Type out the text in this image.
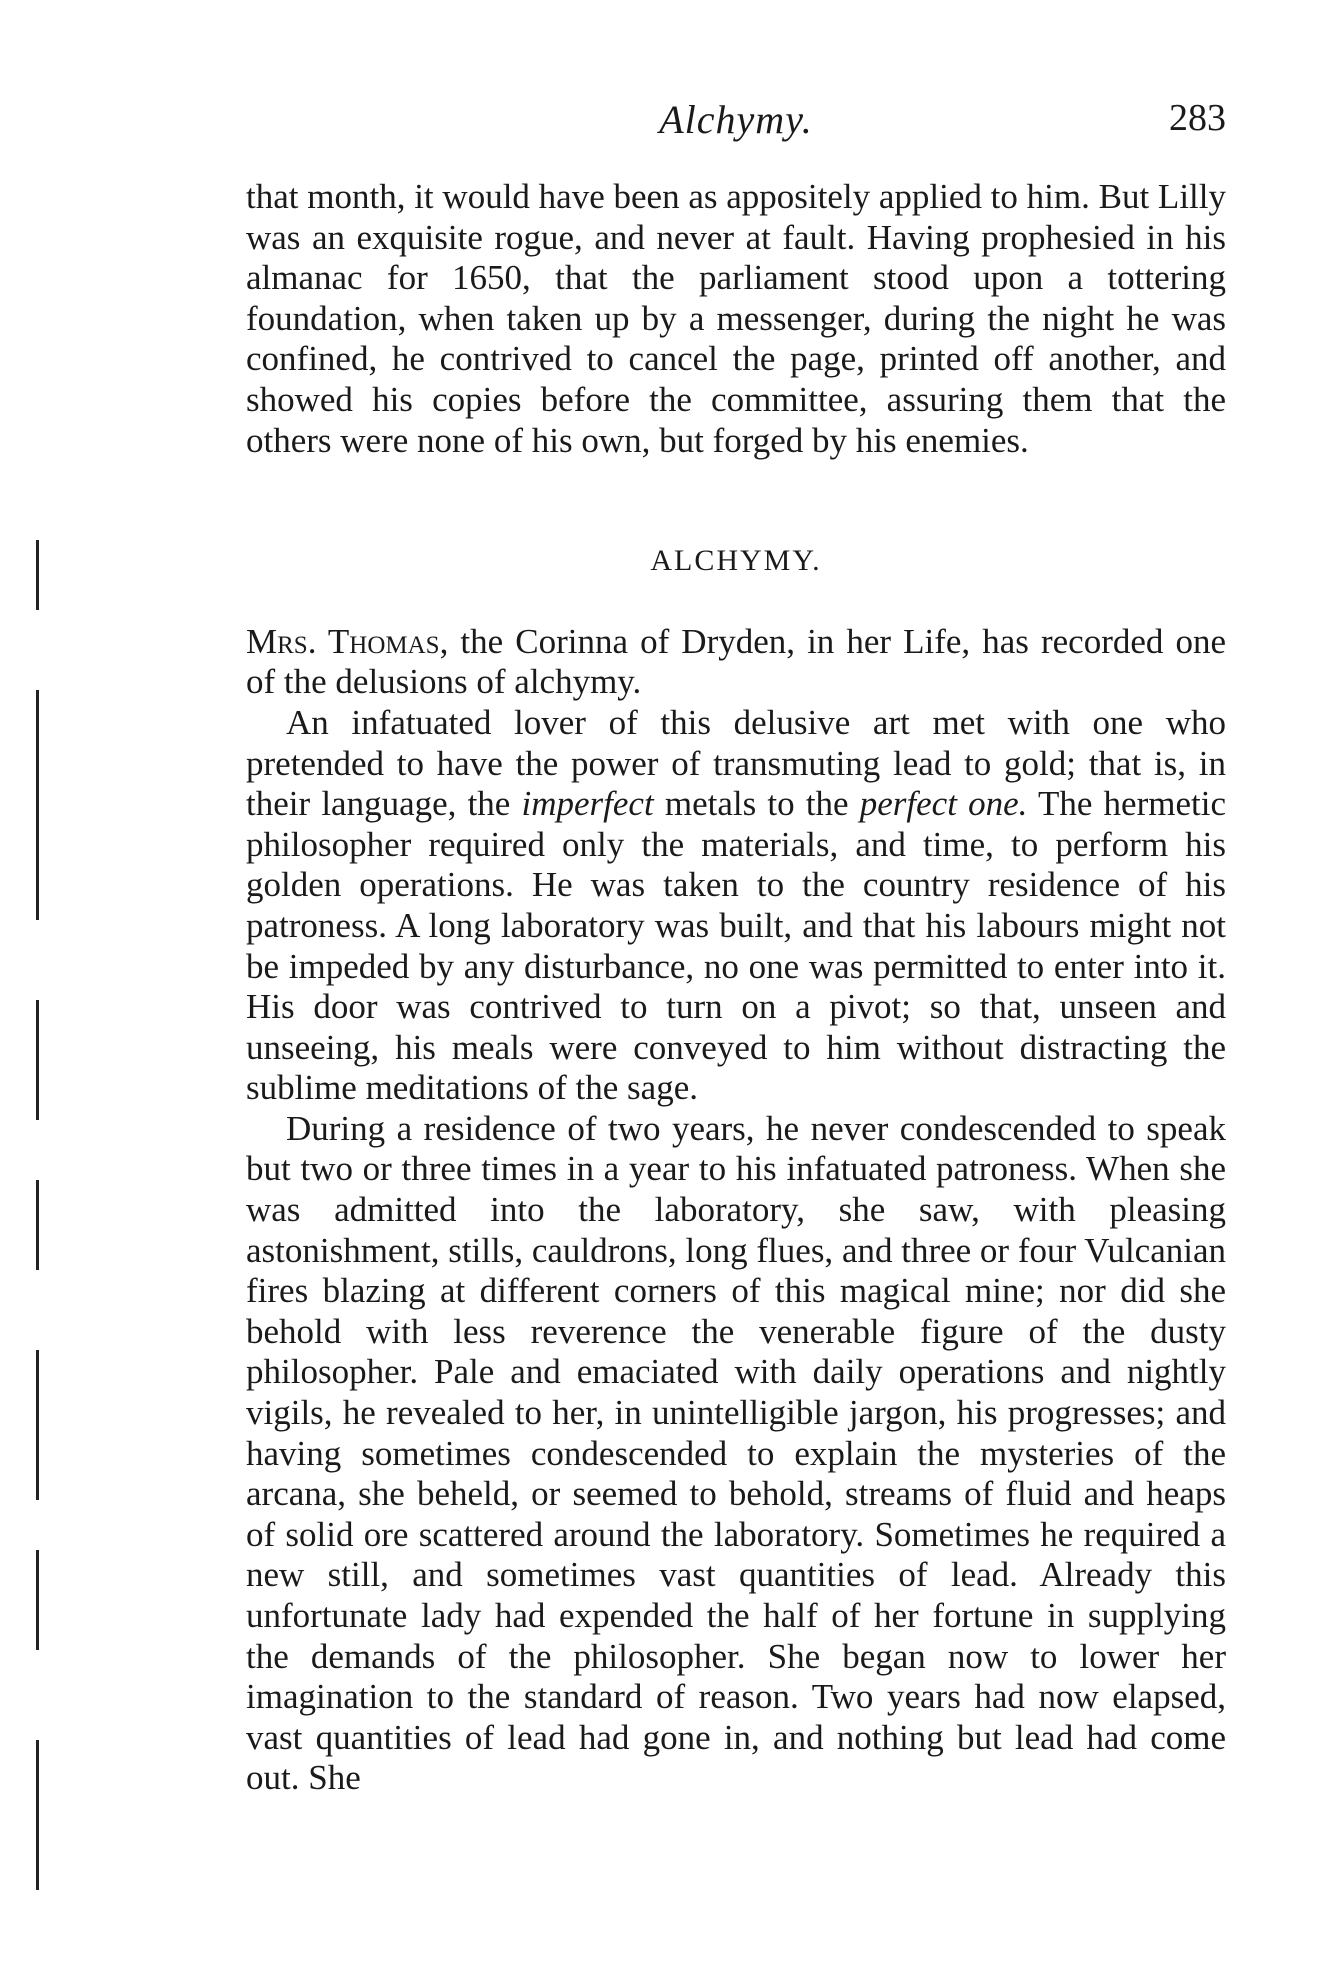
Alchymy.	283

that month, it would have been as appositely applied to him. But Lilly was an exquisite rogue, and never at fault. Having prophesied in his almanac for 1650, that the parliament stood upon a tottering foundation, when taken up by a messenger, during the night he was confined, he contrived to cancel the page, printed off another, and showed his copies before the committee, assuring them that the others were none of his own, but forged by his enemies.

ALCHYMY.

Mrs. Thomas, the Corinna of Dryden, in her Life, has recorded one of the delusions of alchymy.

An infatuated lover of this delusive art met with one who pretended to have the power of transmuting lead to gold; that is, in their language, the imperfect metals to the perfect one. The hermetic philosopher required only the materials, and time, to perform his golden operations. He was taken to the country residence of his patroness. A long laboratory was built, and that his labours might not be impeded by any disturbance, no one was permitted to enter into it. His door was contrived to turn on a pivot; so that, unseen and unseeing, his meals were conveyed to him without distracting the sublime meditations of the sage.

During a residence of two years, he never condescended to speak but two or three times in a year to his infatuated patroness. When she was admitted into the laboratory, she saw, with pleasing astonishment, stills, cauldrons, long flues, and three or four Vulcanian fires blazing at different corners of this magical mine; nor did she behold with less reverence the venerable figure of the dusty philosopher. Pale and emaciated with daily operations and nightly vigils, he revealed to her, in unintelligible jargon, his progresses; and having sometimes condescended to explain the mysteries of the arcana, she beheld, or seemed to behold, streams of fluid and heaps of solid ore scattered around the laboratory. Sometimes he required a new still, and sometimes vast quantities of lead. Already this unfortunate lady had expended the half of her fortune in supplying the demands of the philosopher. She began now to lower her imagination to the standard of reason. Two years had now elapsed, vast quantities of lead had gone in, and nothing but lead had come out. She
